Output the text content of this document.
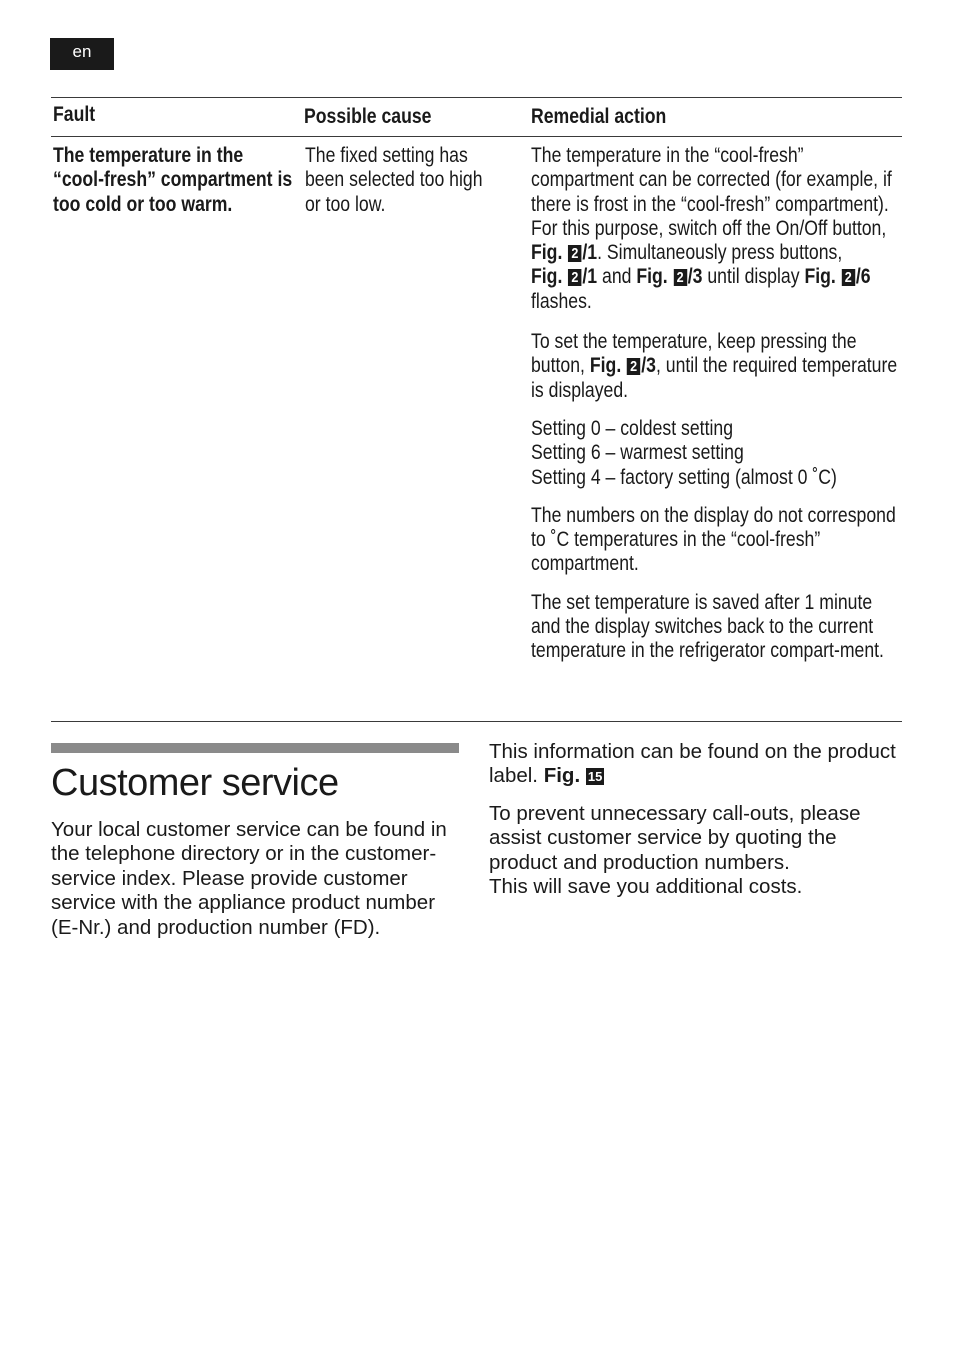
en
Fault	Possible cause	Remedial action
The temperature in the “cool-fresh” compartment is too cold or too warm.
The fixed setting has been selected too high or too low.

The temperature in the “cool-fresh” compartment can be corrected (for example, if there is frost in the “cool-fresh” compartment).

For this purpose, switch off the On/Off button, Fig. 2 /1. Simultaneously press buttons, Fig. 2 /1 and Fig. 2 /3 until display Fig. 2 /6 flashes.

To set the temperature, keep pressing the button, Fig. 2 /3, until the required temperature is displayed.

Setting 0 – coldest setting
Setting 6 – warmest setting
Setting 4 – factory setting (almost 0 ˚C)

The numbers on the display do not correspond to ˚C temperatures in the “cool-fresh” compartment.

The set temperature is saved after 1 minute and the display switches back to the current temperature in the refrigerator compart-ment.

Customer service

Your local customer service can be found in the telephone directory or in the customer-service index. Please provide customer service with the appliance product number (E-Nr.) and production number (FD).

This information can be found on the product label. Fig. 15

To prevent unnecessary call-outs, please assist customer service by quoting the product and production numbers.

This will save you additional costs.
